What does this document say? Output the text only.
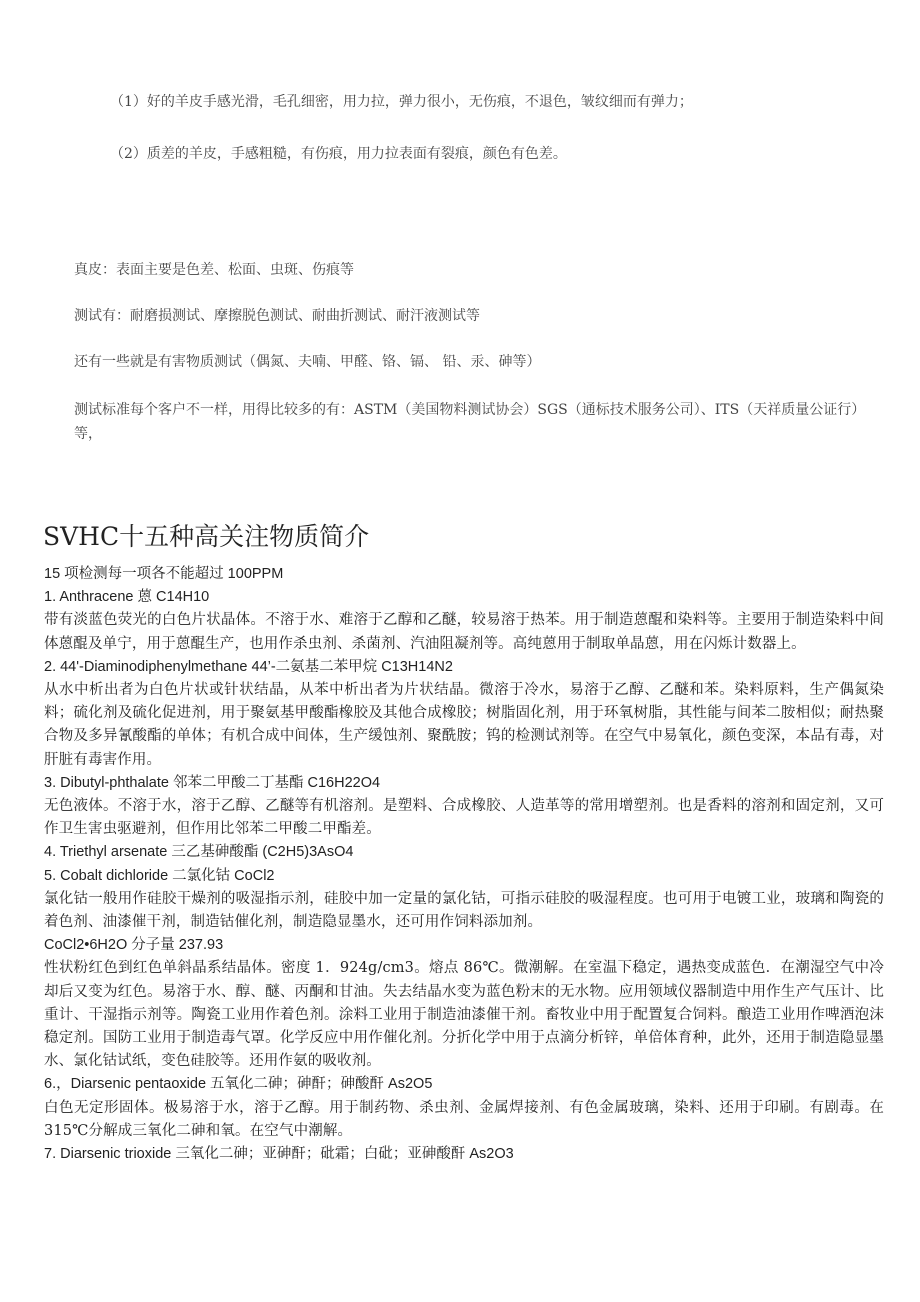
（1）好的羊皮手感光滑，毛孔细密，用力拉，弹力很小，无伤痕，不退色，皱纹细而有弹力；
（2）质差的羊皮，手感粗糙，有伤痕，用力拉表面有裂痕，颜色有色差。
真皮：表面主要是色差、松面、虫斑、伤痕等
测试有：耐磨损测试、摩擦脱色测试、耐曲折测试、耐汗液测试等
还有一些就是有害物质测试（偶氮、夫喃、甲醛、铬、镉、 铅、汞、砷等）
测试标准每个客户不一样，用得比较多的有：ASTM（美国物料测试协会）SGS（通标技术服务公司）、ITS（天祥质量公证行）等，
SVHC十五种高关注物质简介

15 项检测每一项各不能超过 100PPM

1. Anthracene 蒽 C14H10

带有淡蓝色荧光的白色片状晶体。不溶于水、难溶于乙醇和乙醚，较易溶于热苯。用于制造蒽醌和染料等。主要用于制造染料中间体蒽醌及单宁，用于蒽醌生产，也用作杀虫剂、杀菌剂、汽油阻凝剂等。高纯蒽用于制取单晶蒽，用在闪烁计数器上。

2. 44'-Diaminodiphenylmethane 44’-二氨基二苯甲烷 C13H14N2

从水中析出者为白色片状或针状结晶，从苯中析出者为片状结晶。微溶于冷水，易溶于乙醇、乙醚和苯。染料原料，生产偶氮染料；硫化剂及硫化促进剂，用于聚氨基甲酸酯橡胶及其他合成橡胶；树脂固化剂，用于环氧树脂，其性能与间苯二胺相似；耐热聚合物及多异氰酸酯的单体；有机合成中间体，生产缓蚀剂、聚酰胺；钨的检测试剂等。在空气中易氧化，颜色变深，本品有毒，对肝脏有毒害作用。

3. Dibutyl-phthalate 邻苯二甲酸二丁基酯 C16H22O4

无色液体。不溶于水，溶于乙醇、乙醚等有机溶剂。是塑料、合成橡胶、人造革等的常用增塑剂。也是香料的溶剂和固定剂，又可作卫生害虫驱避剂，但作用比邻苯二甲酸二甲酯差。

4. Triethyl arsenate 三乙基砷酸酯 (C2H5)3AsO4

5. Cobalt dichloride 二氯化钴 CoCl2

氯化钴一般用作硅胶干燥剂的吸湿指示剂，硅胶中加一定量的氯化钴，可指示硅胶的吸湿程度。也可用于电镀工业，玻璃和陶瓷的着色剂、油漆催干剂，制造钴催化剂，制造隐显墨水，还可用作饲料添加剂。

CoCl2•6H2O 分子量 237.93

性状粉红色到红色单斜晶系结晶体。密度 1．924g/cm3。熔点 86℃。微潮解。在室温下稳定，遇热变成蓝色．在潮湿空气中冷却后又变为红色。易溶于水、醇、醚、丙酮和甘油。失去结晶水变为蓝色粉末的无水物。应用领域仪器制造中用作生产气压计、比重计、干湿指示剂等。陶瓷工业用作着色剂。涂料工业用于制造油漆催干剂。畜牧业中用于配置复合饲料。酿造工业用作啤酒泡沫稳定剂。国防工业用于制造毒气罩。化学反应中用作催化剂。分折化学中用于点滴分析锌，单倍体育种，此外，还用于制造隐显墨水、氯化钴试纸，变色硅胶等。还用作氨的吸收剂。

6.，Diarsenic pentaoxide 五氧化二砷；砷酐；砷酸酐 As2O5

白色无定形固体。极易溶于水，溶于乙醇。用于制药物、杀虫剂、金属焊接剂、有色金属玻璃，染料、还用于印刷。有剧毒。在 315℃分解成三氧化二砷和氧。在空气中潮解。

7. Diarsenic trioxide 三氧化二砷；亚砷酐；砒霜；白砒；亚砷酸酐 As2O3
